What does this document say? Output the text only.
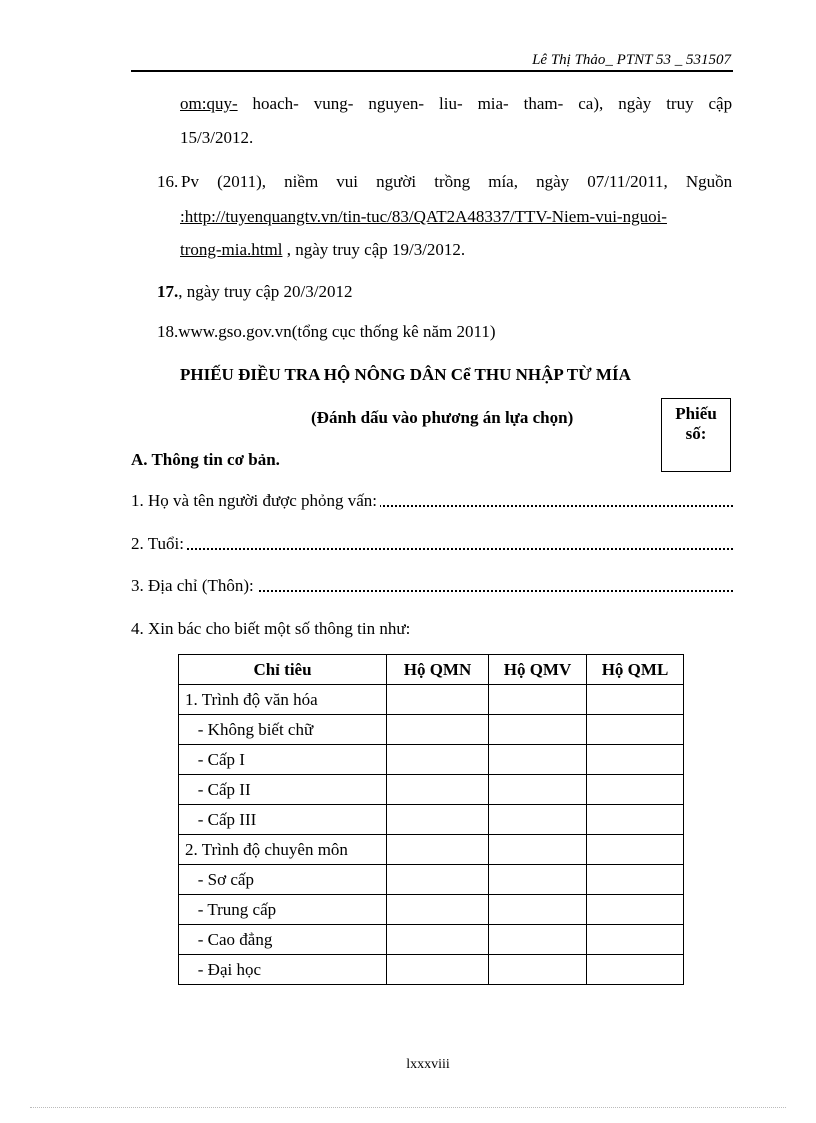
Lê Thị Thảo_ PTNT 53 _ 531507
om:quy- hoach- vung- nguyen- liu- mia- tham- ca), ngày truy cập
15/3/2012.
16. Pv (2011), niềm vui người trồng mía, ngày 07/11/2011, Nguồn
:http://tuyenquangtv.vn/tin-tuc/83/QAT2A48337/TTV-Niem-vui-nguoi-
trong-mia.html , ngày truy cập 19/3/2012.
17., ngày truy cập 20/3/2012
18.www.gso.gov.vn(tổng cục thống kê năm 2011)
PHIẾU ĐIỀU TRA HỘ NÔNG DÂN Cể THU NHẬP TỪ MÍA
(Đánh dấu vào phương án lựa chọn)	Phiếu
số:
A. Thông tin cơ bản.
1. Họ và tên người được phỏng vấn:
2. Tuổi:
3. Địa chỉ (Thôn):
4. Xin bác cho biết một số thông tin như:
Chỉ tiêu	Hộ QMN	Hộ QMV	Hộ QML
1. Trình độ văn hóa			
- Không biết chữ			
- Cấp I			
- Cấp II			
- Cấp III			
2. Trình độ chuyên môn			
- Sơ cấp			
- Trung cấp			
- Cao đẳng			
- Đại học			
lxxxviii
